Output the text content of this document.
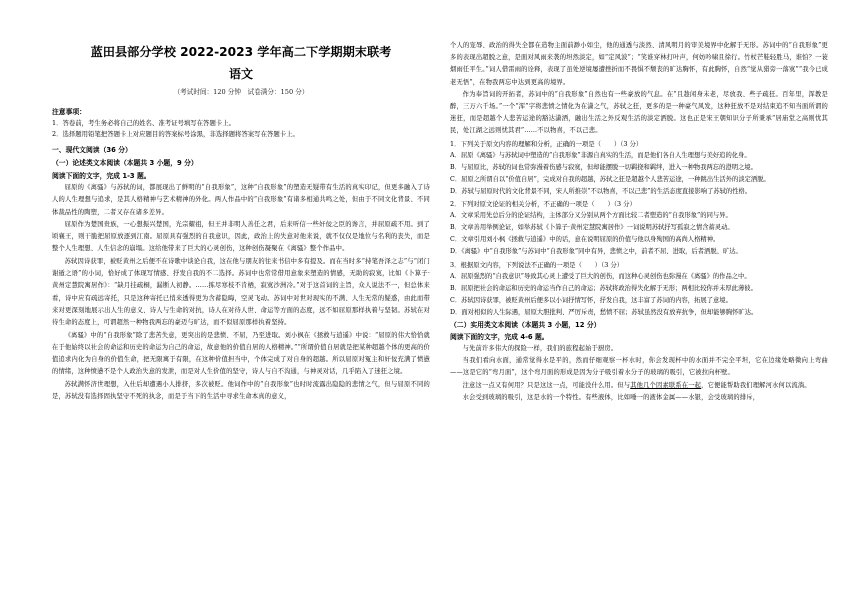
蓝田县部分学校 2022-2023 学年高二下学期期末联考
语文
（考试时间：120 分钟　试卷满分：150 分）
注意事项：
1．答卷前，考生务必将自己的姓名、准考证号填写在答题卡上。
2．选择题用铅笔把答题卡上对应题目的答案标号涂黑，非选择题将答案写在答题卡上。
一、现代文阅读（36 分）
（一）论述类文本阅读（本题共 3 小题，9 分）
阅读下面的文字，完成 1-3 题。

屈原的《离骚》与苏轼的词，都展现出了鲜明的“自我形象”，这种“自我形象”的塑造无疑带有生活的真实印记，但更多融入了诗人的人生理想与追求，是其人格精神与艺术精神的外化。两人作品中的“自我形象”有诸多相通共鸣之处，但由于不同文化背景、不同体裁品性的陶塑，二者又存在诸多差异。

屈原作为楚国贵族，一心想振兴楚国，光宗耀祖，但王并非明人善任之君，后来听信一些奸佞之臣的谗言，并屈原疏不用。到了顷襄王，则干脆把屈原放逐到江南。屈原具有强烈的自我意识，因此，政治上的失意对他来说，就不仅仅是地位与名利的丧失，而是整个人生理想、人生信念的崩塌。这给他带来了巨大的心灵创伤，这种创伤凝聚在《离骚》整个作品中。

苏轼因诗获罪，被贬黄州之后便不在诗歌中谈论自我，这在他与朋友的往来书信中多有提及。而在当时多“持笔吾泽之志”与“闭门谢遁之语”的小词，恰好成了体现写情感、抒发自我的不二选择。苏词中也常常借用意象来塑造的情感，无助的寂寞，比如《卜算子·黄州定慧院寓居作》：“缺月挂疏桐，漏断人初静。……拣尽寒枝不肯栖，寂寞沙洲冷。”对于这首词的主旨，众人说法不一，但总体来看，诗中应有疏远寄托，只是这种寄托已悄来透得更为含蓄隐晦，空灵飞动。苏词中对世对现实的不满、人生无常的疑惑，由此而带来对更深刻地展示出人生的意义、诗人与生命的对抗，诗人在对待人世、命运等方面的态度，远不如屈原那样执着与坚韧。苏轼在对待生命的态度上，可谓超然一种物我两忘的豪迈与旷达，而不似屈原那样执着坚持。

《离骚》中的“自我形象”除了悲苦失意，更突出的是悲愤、不屈，乃至进取。刘小枫在《拯救与逍遥》中说：“屈原的伟大恰恰就在于他始终以社会的命运和历史的命运为自己的命运，故意他的价值自居的人格精神。”“所谓价值自居就是把某种超越个体的更高的价值追求内化为自身的价值生命，把无限寓于有限，在这种价值担当中，个体完成了对自身的超越。所以屈原对冤主和奸佞充满了愤懑的情绪，这种愤懑不是个人政治失意的发泄，而是对人生价值的坚守，诗人与自不沟通，与神灵对话，几乎陷入了迷狂之境。

苏轼满怀济世理想，入仕后却遭遇小人排挤，多次被贬。他词作中的“自我形象”也时时流露出隐隐的悲情之气，但与屈原不同的是，苏轼没有选择固执坚守不死的执念，而是于当下的生活中寻求生命本真的意义，

个人的宠辱、政治的得失全都在造物主面前渺小如尘，他的通透与淡然、清风明月的审美境界中化解于无形。苏词中的“自我形象”更多的表现出超脱之意，是面对风雨来袭的坦然淡定，如“定风波”；“笑谁穿林打叶声，何妨吟啸且徐行。竹杖芒鞋轻胜马，谁怕？一蓑烟雨任平生。”词人借雷雨的诠释，表现了虽处逆境屡遭挫折而不畏惧不颓丧的旷达胸怀，有此胸怀，自然“觉从猎旁一落寞”“我今已成老无悟”，在物我两忘中达到更高的境界。

作为奉旨词的开拓者，苏词中的“自我形象”自然也有一些豪放的气息。在“且趁闲身未老，尽放我、些子疏狂。百年里，浑教是醉，三万六千场。”一个“浑”字将悲愤之情化为在潇之气，苏轼之狂，更多的是一种豪气风发，这种狂放不是对结束追不知当面所谓的迷狂，而是超越个人悲苦运途的豁达潇洒，融出生活之外反观生活的淡定洒脱。这也正是宋王朝知识分子所秉承“居庙堂之高则忧其民，处江湖之远则忧其君”……不以物喜，不以己悲。

1．下列关于原文内容的理解和分析，正确的一项是（　　）（3 分）
A．屈原《离骚》与苏轼词中塑造的“自我形象”非源自真实的生活，而是他们各自人生理想与美好追的化身。
B．与屈原比，苏轼的词也常弥漫着伤感与寂寞，但却能摆脱一切羁挠和羁绊，进入一种物我两忘的澄明之境。
C．屈原之所谓自以“价值自居”，完成对自我的超越，苏轼之狂是超越个人悲苦运途，一种跳出生活外的淡定洒脱。
D．苏轼与屈原时代的文化背景不同，宋人所推崇“不以物喜，不以己悲”的生活态度直接影响了苏轼的性格。
2．下列对原文论证的相关分析，不正确的一项是（　　）（3 分）
A．文章采用先总后分的论证结构，主体部分又分别从两个方面比较二者塑造的“自我形象”的同与异。
B．文章善用举例论证，如举苏轼《卜算子·黄州定慧院寓居作》一词说明苏轼抒写孤寂之情含蓄灵动。
C．文章引用刘小枫《拯救与逍遥》中的话，意在说明屈原的价值与他以身殉国的高尚人格精神。
D．《离骚》中“自我形象”与苏词中“自我形象”同中有异，悲愤之中，前者不屈、进取，后者洒脱、旷达。
3．根据原文内容，下列说法不正确的一项是（　　）（3 分）
A．屈原强烈的“自我意识”导致其心灵上遭受了巨大的创伤，而这种心灵创伤也弥漫在《离骚》的作品之中。
B．屈原把社会的命运和历史的命运当作自己的命运；苏轼将政治得失化解于无形；两相比较你并未厚此薄彼。
C．苏轼因诗获罪，被贬黄州后便多以小词抒情写怀，抒发自我，这丰富了苏词的内容，拓展了意境。
D．面对相似的人生际遇，屈原大胆批判、严厉斥责，愁愤不屈；苏轼虽然没有放弃抗争，但却能够胸怀旷达。
（二）实用类文本阅读（本题共 3 小题，12 分）
阅读下面的文字，完成 4-6 题。

与先前许多伟大的探险一样，我们的旅程起始于厨房。

当我们看向水面，通常觉得水是平的，然而仔细观察一杯水时，你会发现杯中的水面并不完全平坦，它在边缘处略微向上弯曲——这是它的“弯月面”，这个弯月面的形成是因为分子吸引着水分子的玻璃的吸引，它被拉向杯壁。

注意这一点又有何用？只是这这一点，可能没什么用。但与其他几个因素联系在一起，它便能帮助我们理解河水何以流淌。

水会受到玻璃的吸引，这是水的一个特性。有些液体，比如唾一的液体金属——水银，会受玻璃的排斥，
